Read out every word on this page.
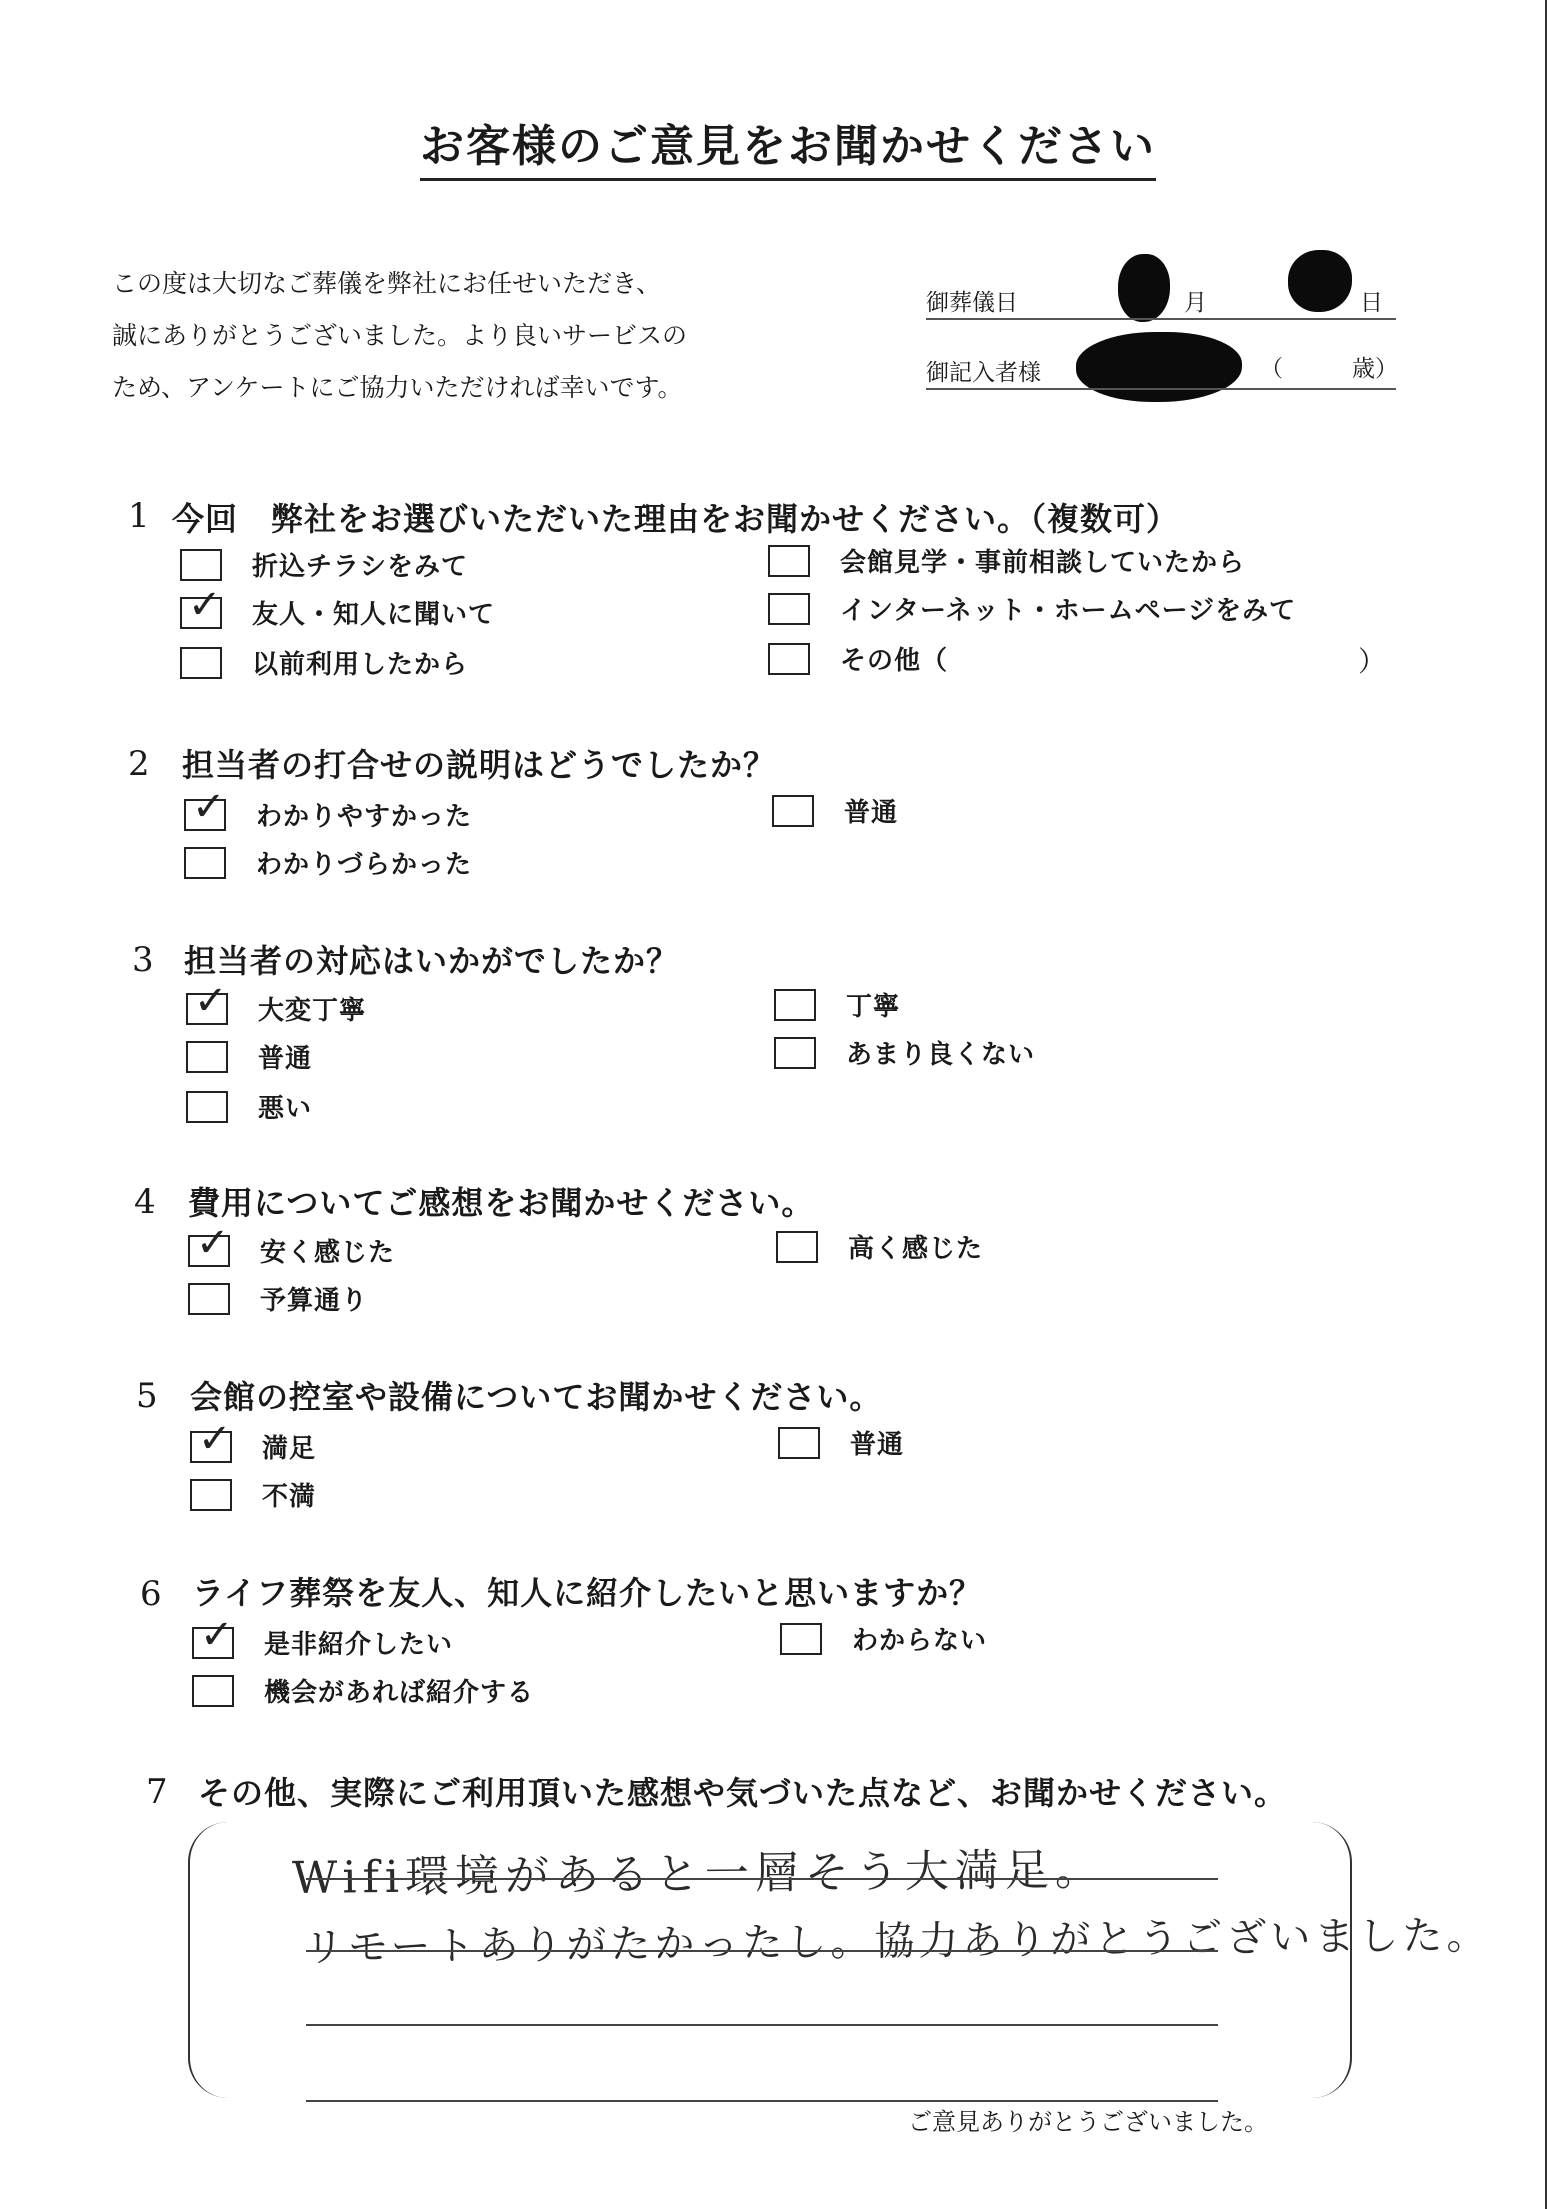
お客様のご意見をお聞かせください
この度は大切なご葬儀を弊社にお任せいただき、
誠にありがとうございました。より良いサービスの
ため、アンケートにご協力いただければ幸いです。
御葬儀日	月	日
御記入者様	（	歳）
1 今回　弊社をお選びいただいた理由をお聞かせください。（複数可）
折込チラシをみて	会館見学・事前相談していたから
✓ 友人・知人に聞いて	インターネット・ホームページをみて
以前利用したから	その他（	）
2 担当者の打合せの説明はどうでしたか？
✓ わかりやすかった	普通
わかりづらかった
3 担当者の対応はいかがでしたか？
✓ 大変丁寧	丁寧
普通	あまり良くない
悪い
4 費用についてご感想をお聞かせください。
✓ 安く感じた	高く感じた
予算通り
5 会館の控室や設備についてお聞かせください。
✓ 満足	普通
不満
6 ライフ葬祭を友人、知人に紹介したいと思いますか？
✓ 是非紹介したい	わからない
機会があれば紹介する
7 その他、実際にご利用頂いた感想や気づいた点など、お聞かせください。
Wifi環境があると一層そう大満足。
リモートありがたかったし。協力ありがとうございました。
ご意見ありがとうございました。
